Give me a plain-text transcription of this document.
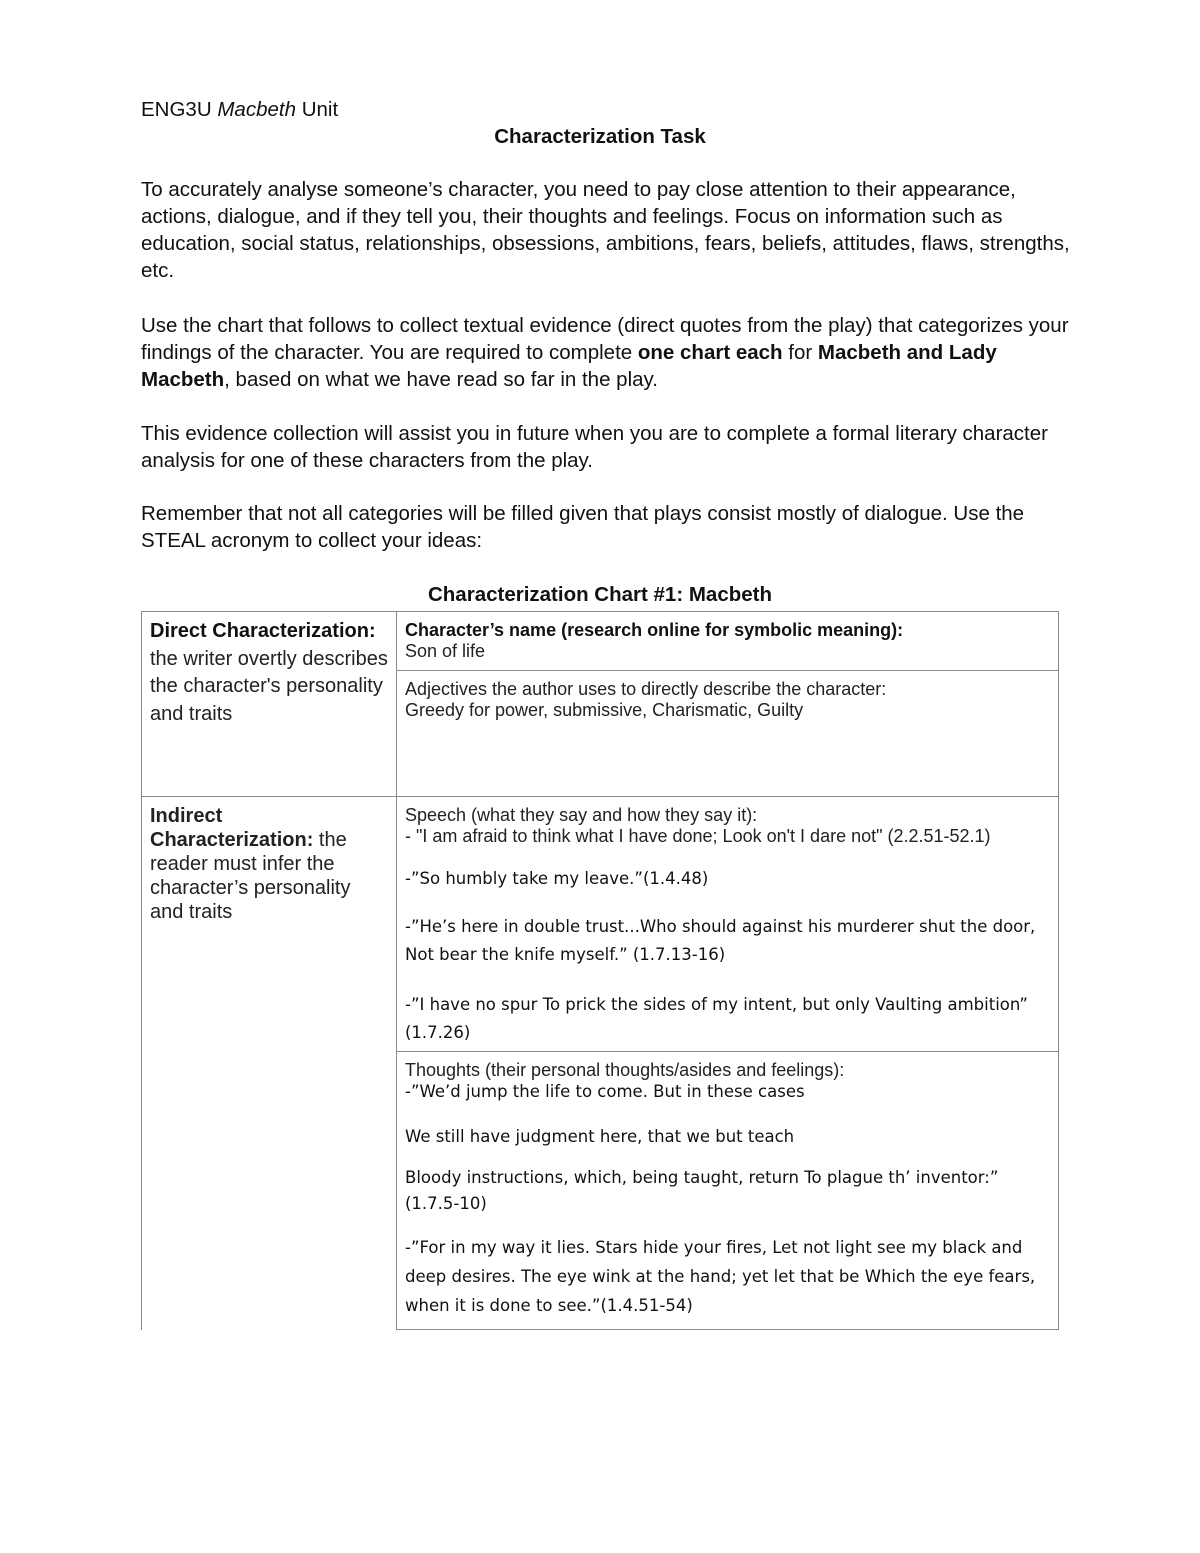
ENG3U Macbeth Unit
Characterization Task
To accurately analyse someone’s character, you need to pay close attention to their appearance, actions, dialogue, and if they tell you, their thoughts and feelings. Focus on information such as education, social status, relationships, obsessions, ambitions, fears, beliefs, attitudes, flaws, strengths, etc.
Use the chart that follows to collect textual evidence (direct quotes from the play) that categorizes your findings of the character. You are required to complete one chart each for Macbeth and Lady Macbeth, based on what we have read so far in the play.
This evidence collection will assist you in future when you are to complete a formal literary character analysis for one of these characters from the play.
Remember that not all categories will be filled given that plays consist mostly of dialogue. Use the STEAL acronym to collect your ideas:
Characterization Chart #1: Macbeth
Direct Characterization: the writer overtly describes the character's personality and traits
Character’s name (research online for symbolic meaning):
Son of life
Adjectives the author uses to directly describe the character:
Greedy for power, submissive, Charismatic, Guilty
Indirect Characterization: the reader must infer the character’s personality and traits
Speech (what they say and how they say it):
- "I am afraid to think what I have done; Look on't I dare not" (2.2.51-52.1)

-”So humbly take my leave.”(1.4.48)

-”He’s here in double trust...Who should against his murderer shut the door, Not bear the knife myself.” (1.7.13-16)

-”I have no spur To prick the sides of my intent, but only Vaulting ambition” (1.7.26)

Thoughts (their personal thoughts/asides and feelings):

-”We’d jump the life to come. But in these cases

We still have judgment here, that we but teach

Bloody instructions, which, being taught, return To plague th’ inventor:” (1.7.5-10)

-”For in my way it lies. Stars hide your fires, Let not light see my black and deep desires. The eye wink at the hand; yet let that be Which the eye fears, when it is done to see.”(1.4.51-54)
